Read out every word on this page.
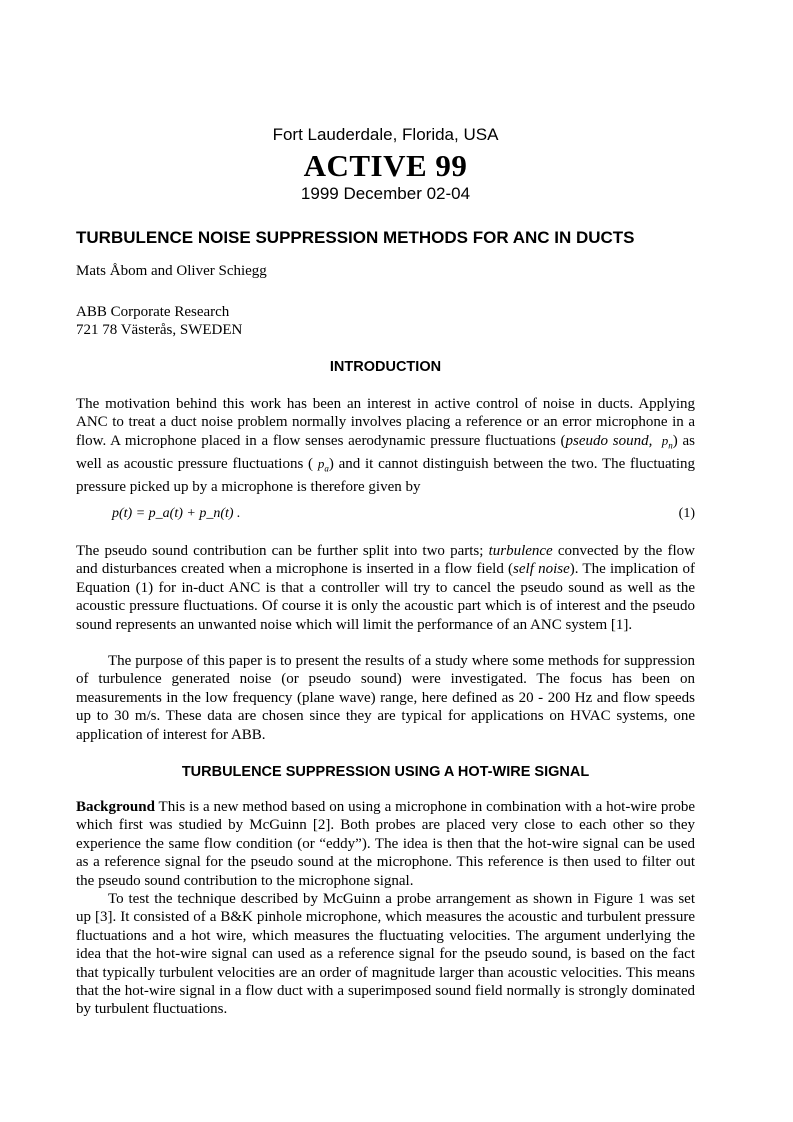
Fort Lauderdale, Florida, USA
ACTIVE 99
1999 December 02-04
TURBULENCE NOISE SUPPRESSION METHODS FOR ANC IN DUCTS
Mats Åbom and Oliver Schiegg
ABB Corporate Research
721 78 Västerås, SWEDEN
INTRODUCTION
The motivation behind this work has been an interest in active control of noise in ducts. Applying ANC to treat a duct noise problem normally involves placing a reference or an error microphone in a flow. A microphone placed in a flow senses aerodynamic pressure fluctuations (pseudo sound, $p_n$) as well as acoustic pressure fluctuations ( $p_a$) and it cannot distinguish between the two. The fluctuating pressure picked up by a microphone is therefore given by
p(t) = p_a(t) + p_n(t) .	(1)
The pseudo sound contribution can be further split into two parts; turbulence convected by the flow and disturbances created when a microphone is inserted in a flow field (self noise). The implication of Equation (1) for in-duct ANC is that a controller will try to cancel the pseudo sound as well as the acoustic pressure fluctuations. Of course it is only the acoustic part which is of interest and the pseudo sound represents an unwanted noise which will limit the performance of an ANC system [1].
The purpose of this paper is to present the results of a study where some methods for suppression of turbulence generated noise (or pseudo sound) were investigated. The focus has been on measurements in the low frequency (plane wave) range, here defined as 20 - 200 Hz and flow speeds up to 30 m/s. These data are chosen since they are typical for applications on HVAC systems, one application of interest for ABB.
TURBULENCE SUPPRESSION USING A HOT-WIRE SIGNAL
Background This is a new method based on using a microphone in combination with a hot-wire probe which first was studied by McGuinn [2]. Both probes are placed very close to each other so they experience the same flow condition (or “eddy”). The idea is then that the hot-wire signal can be used as a reference signal for the pseudo sound at the microphone. This reference is then used to filter out the pseudo sound contribution to the microphone signal.
To test the technique described by McGuinn a probe arrangement as shown in Figure 1 was set up [3]. It consisted of a B&K pinhole microphone, which measures the acoustic and turbulent pressure fluctuations and a hot wire, which measures the fluctuating velocities. The argument underlying the idea that the hot-wire signal can used as a reference signal for the pseudo sound, is based on the fact that typically turbulent velocities are an order of magnitude larger than acoustic velocities. This means that the hot-wire signal in a flow duct with a superimposed sound field normally is strongly dominated by turbulent fluctuations.
